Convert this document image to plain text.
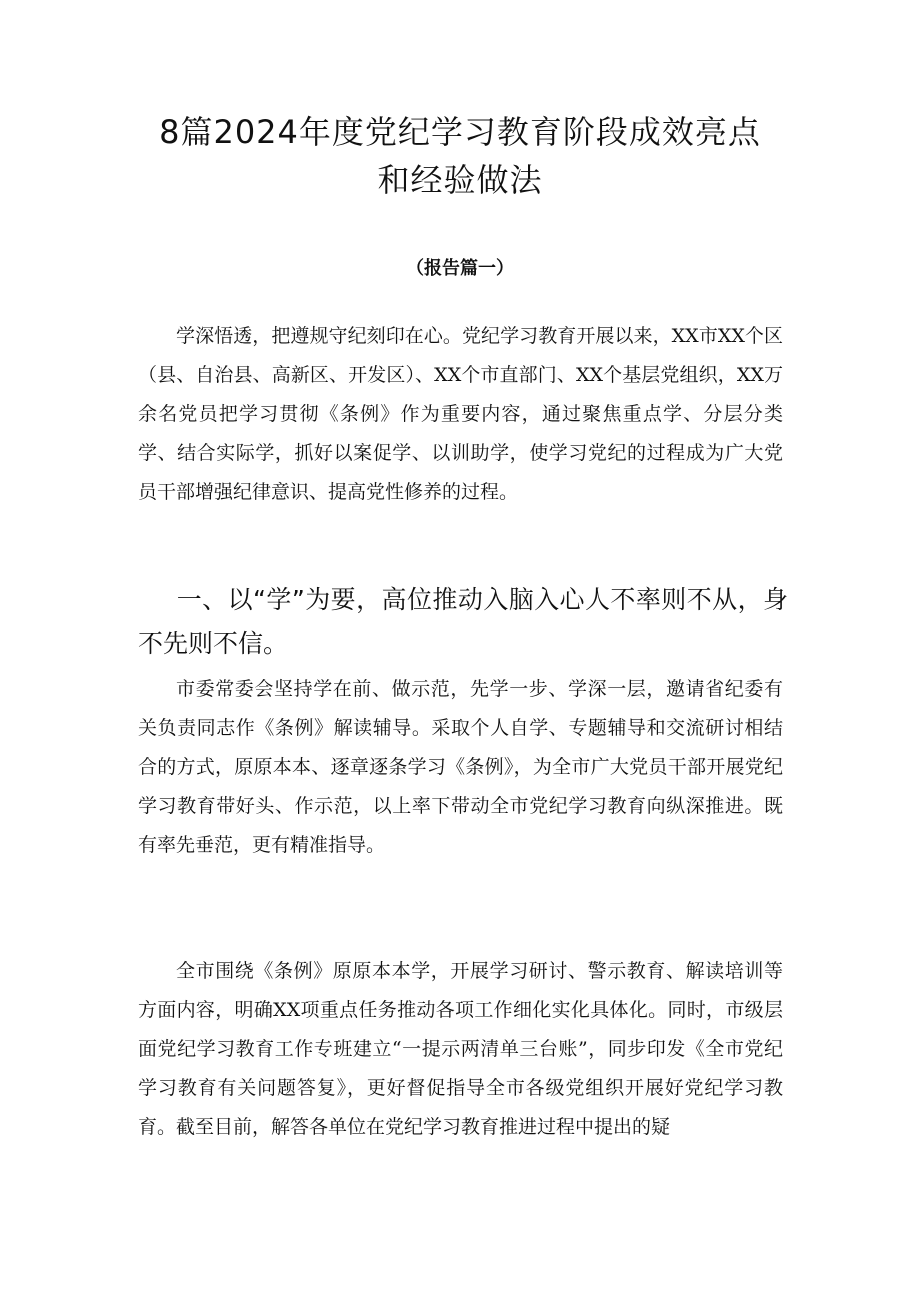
8篇2024年度党纪学习教育阶段成效亮点
和经验做法
（报告篇一）

学深悟透，把遵规守纪刻印在心。党纪学习教育开展以来，XX市XX个区（县、自治县、高新区、开发区）、XX个市直部门、XX个基层党组织，XX万余名党员把学习贯彻《条例》作为重要内容，通过聚焦重点学、分层分类学、结合实际学，抓好以案促学、以训助学，使学习党纪的过程成为广大党员干部增强纪律意识、提高党性修养的过程。

一、以“学”为要，高位推动入脑入心人不率则不从，身不先则不信。

市委常委会坚持学在前、做示范，先学一步、学深一层，邀请省纪委有关负责同志作《条例》解读辅导。采取个人自学、专题辅导和交流研讨相结合的方式，原原本本、逐章逐条学习《条例》，为全市广大党员干部开展党纪学习教育带好头、作示范，以上率下带动全市党纪学习教育向纵深推进。既有率先垂范，更有精准指导。

全市围绕《条例》原原本本学，开展学习研讨、警示教育、解读培训等方面内容，明确XX项重点任务推动各项工作细化实化具体化。同时，市级层面党纪学习教育工作专班建立“一提示两清单三台账”，同步印发《全市党纪学习教育有关问题答复》，更好督促指导全市各级党组织开展好党纪学习教育。截至目前，解答各单位在党纪学习教育推进过程中提出的疑
